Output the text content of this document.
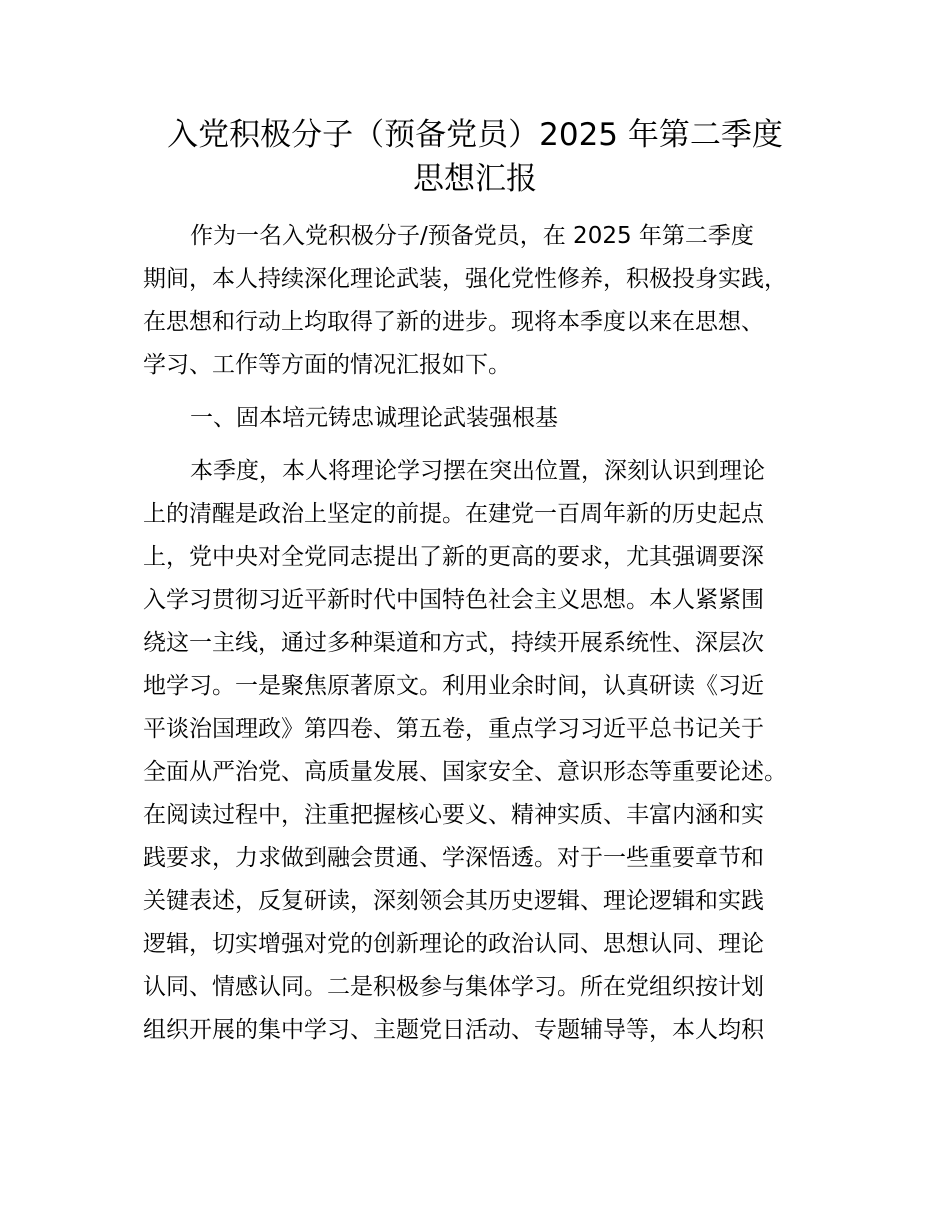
入党积极分子（预备党员）2025 年第二季度
思想汇报

作为一名入党积极分子/预备党员，在 2025 年第二季度

期间，本人持续深化理论武装，强化党性修养，积极投身实践，

在思想和行动上均取得了新的进步。现将本季度以来在思想、

学习、工作等方面的情况汇报如下。

一、固本培元铸忠诚理论武装强根基

本季度，本人将理论学习摆在突出位置，深刻认识到理论

上的清醒是政治上坚定的前提。在建党一百周年新的历史起点

上，党中央对全党同志提出了新的更高的要求，尤其强调要深

入学习贯彻习近平新时代中国特色社会主义思想。本人紧紧围

绕这一主线，通过多种渠道和方式，持续开展系统性、深层次

地学习。一是聚焦原著原文。利用业余时间，认真研读《习近

平谈治国理政》第四卷、第五卷，重点学习习近平总书记关于

全面从严治党、高质量发展、国家安全、意识形态等重要论述。

在阅读过程中，注重把握核心要义、精神实质、丰富内涵和实

践要求，力求做到融会贯通、学深悟透。对于一些重要章节和

关键表述，反复研读，深刻领会其历史逻辑、理论逻辑和实践

逻辑，切实增强对党的创新理论的政治认同、思想认同、理论

认同、情感认同。二是积极参与集体学习。所在党组织按计划

组织开展的集中学习、主题党日活动、专题辅导等，本人均积
